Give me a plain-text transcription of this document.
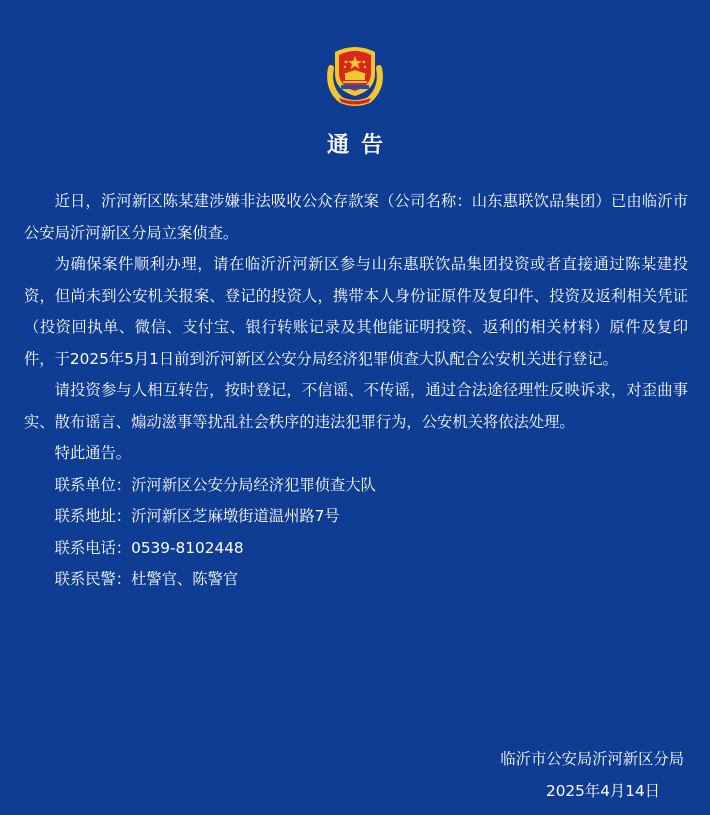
通告

近日，沂河新区陈某建涉嫌非法吸收公众存款案（公司名称：山东惠联饮品集团）已由临沂市公安局沂河新区分局立案侦查。

为确保案件顺利办理，请在临沂沂河新区参与山东惠联饮品集团投资或者直接通过陈某建投资，但尚未到公安机关报案、登记的投资人，携带本人身份证原件及复印件、投资及返利相关凭证（投资回执单、微信、支付宝、银行转账记录及其他能证明投资、返利的相关材料）原件及复印件，于2025年5月1日前到沂河新区公安分局经济犯罪侦查大队配合公安机关进行登记。

请投资参与人相互转告，按时登记，不信谣、不传谣，通过合法途径理性反映诉求，对歪曲事实、散布谣言、煽动滋事等扰乱社会秩序的违法犯罪行为，公安机关将依法处理。

特此通告。

联系单位：沂河新区公安分局经济犯罪侦查大队
联系地址：沂河新区芝麻墩街道温州路7号
联系电话：0539-8102448
联系民警：杜警官、陈警官
临沂市公安局沂河新区分局
2025年4月14日
